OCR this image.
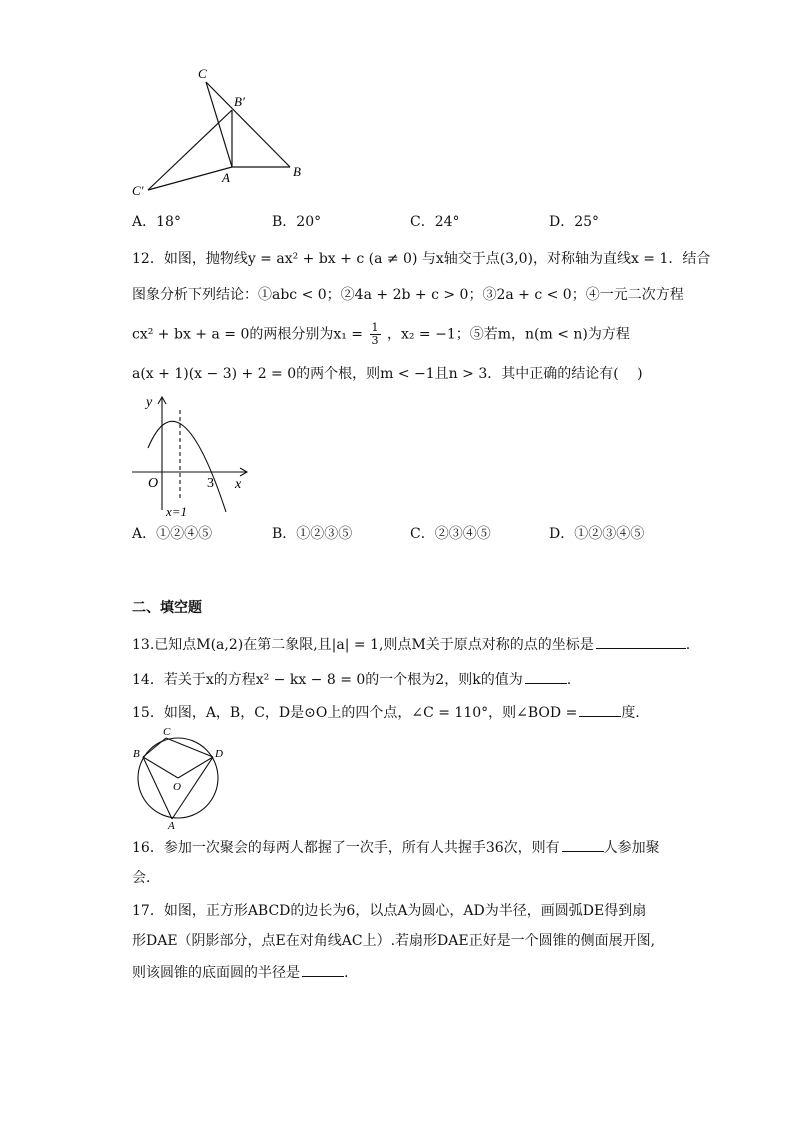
C
B′
A	B
C′
A．18°	B．20°	C．24°	D．25°
12．如图，抛物线y = ax² + bx + c (a ≠ 0) 与x轴交于点(3,0)，对称轴为直线x = 1．结合
图象分析下列结论：①abc < 0；②4a + 2b + c > 0；③2a + c < 0；④一元二次方程
cx² + bx + a = 0的两根分别为$x_1 = \frac{1}{3}$ ，x₂ = −1；⑤若m，n(m < n)为方程
a(x + 1)(x − 3) + 2 = 0的两个根，则m < −1且n > 3．其中正确的结论有(　 )
y
x
O	3
x=1
A．①②④⑤	B．①②③⑤	C．②③④⑤	D．①②③④⑤
二、填空题
13.已知点M(a,2)在第二象限,且|a| = 1,则点M关于原点对称的点的坐标是	.
14．若关于x的方程x² − kx − 8 = 0的一个根为2，则k的值为	.
15．如图，A，B，C，D是⊙O上的四个点，∠C = 110°，则∠BOD =	度.
B
C
D
O
A
16．参加一次聚会的每两人都握了一次手，所有人共握手36次，则有	人参加聚
会.
17．如图，正方形ABCD的边长为6，以点A为圆心，AD为半径，画圆弧DE得到扇
形DAE（阴影部分，点E在对角线AC上）.若扇形DAE正好是一个圆锥的侧面展开图,
则该圆锥的底面圆的半径是	.
